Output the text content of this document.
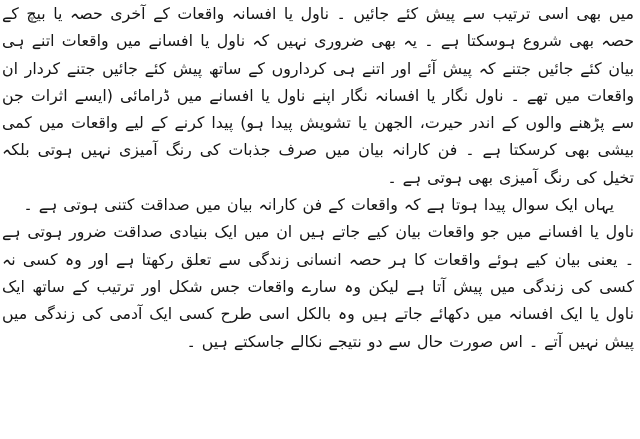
میں بھی اسی ترتیب سے پیش کئے جائیں ۔ ناول یا افسانہ واقعات کے آخری حصہ یا بیچ کے حصہ بھی شروع ہوسکتا ہے ۔ یہ بھی ضروری نہیں کہ ناول یا افسانے میں واقعات اتنے ہی بیان کئے جائیں جتنے کہ پیش آئے اور اتنے ہی کرداروں کے ساتھ پیش کئے جائیں جتنے کردار ان واقعات میں تھے ۔ ناول نگار یا افسانہ نگار اپنے ناول یا افسانے میں ڈرامائی (ایسے اثرات جن سے پڑھنے والوں کے اندر حیرت، الجھن یا تشویش پیدا ہو) پیدا کرنے کے لیے واقعات میں کمی بیشی بھی کرسکتا ہے ۔ فن کارانہ بیان میں صرف جذبات کی رنگ آمیزی نہیں ہوتی بلکہ تخیل کی رنگ آمیزی بھی ہوتی ہے ۔
یہاں ایک سوال پیدا ہوتا ہے کہ واقعات کے فن کارانہ بیان میں صداقت کتنی ہوتی ہے ۔
ناول یا افسانے میں جو واقعات بیان کیے جاتے ہیں ان میں ایک بنیادی صداقت ضرور ہوتی ہے ۔ یعنی بیان کیے ہوئے واقعات کا ہر حصہ انسانی زندگی سے تعلق رکھتا ہے اور وہ کسی نہ کسی کی زندگی میں پیش آتا ہے لیکن وہ سارے واقعات جس شکل اور ترتیب کے ساتھ ایک ناول یا ایک افسانہ میں دکھائے جاتے ہیں وہ بالکل اسی طرح کسی ایک آدمی کی زندگی میں پیش نہیں آتے ۔ اس صورت حال سے دو نتیجے نکالے جاسکتے ہیں ۔
